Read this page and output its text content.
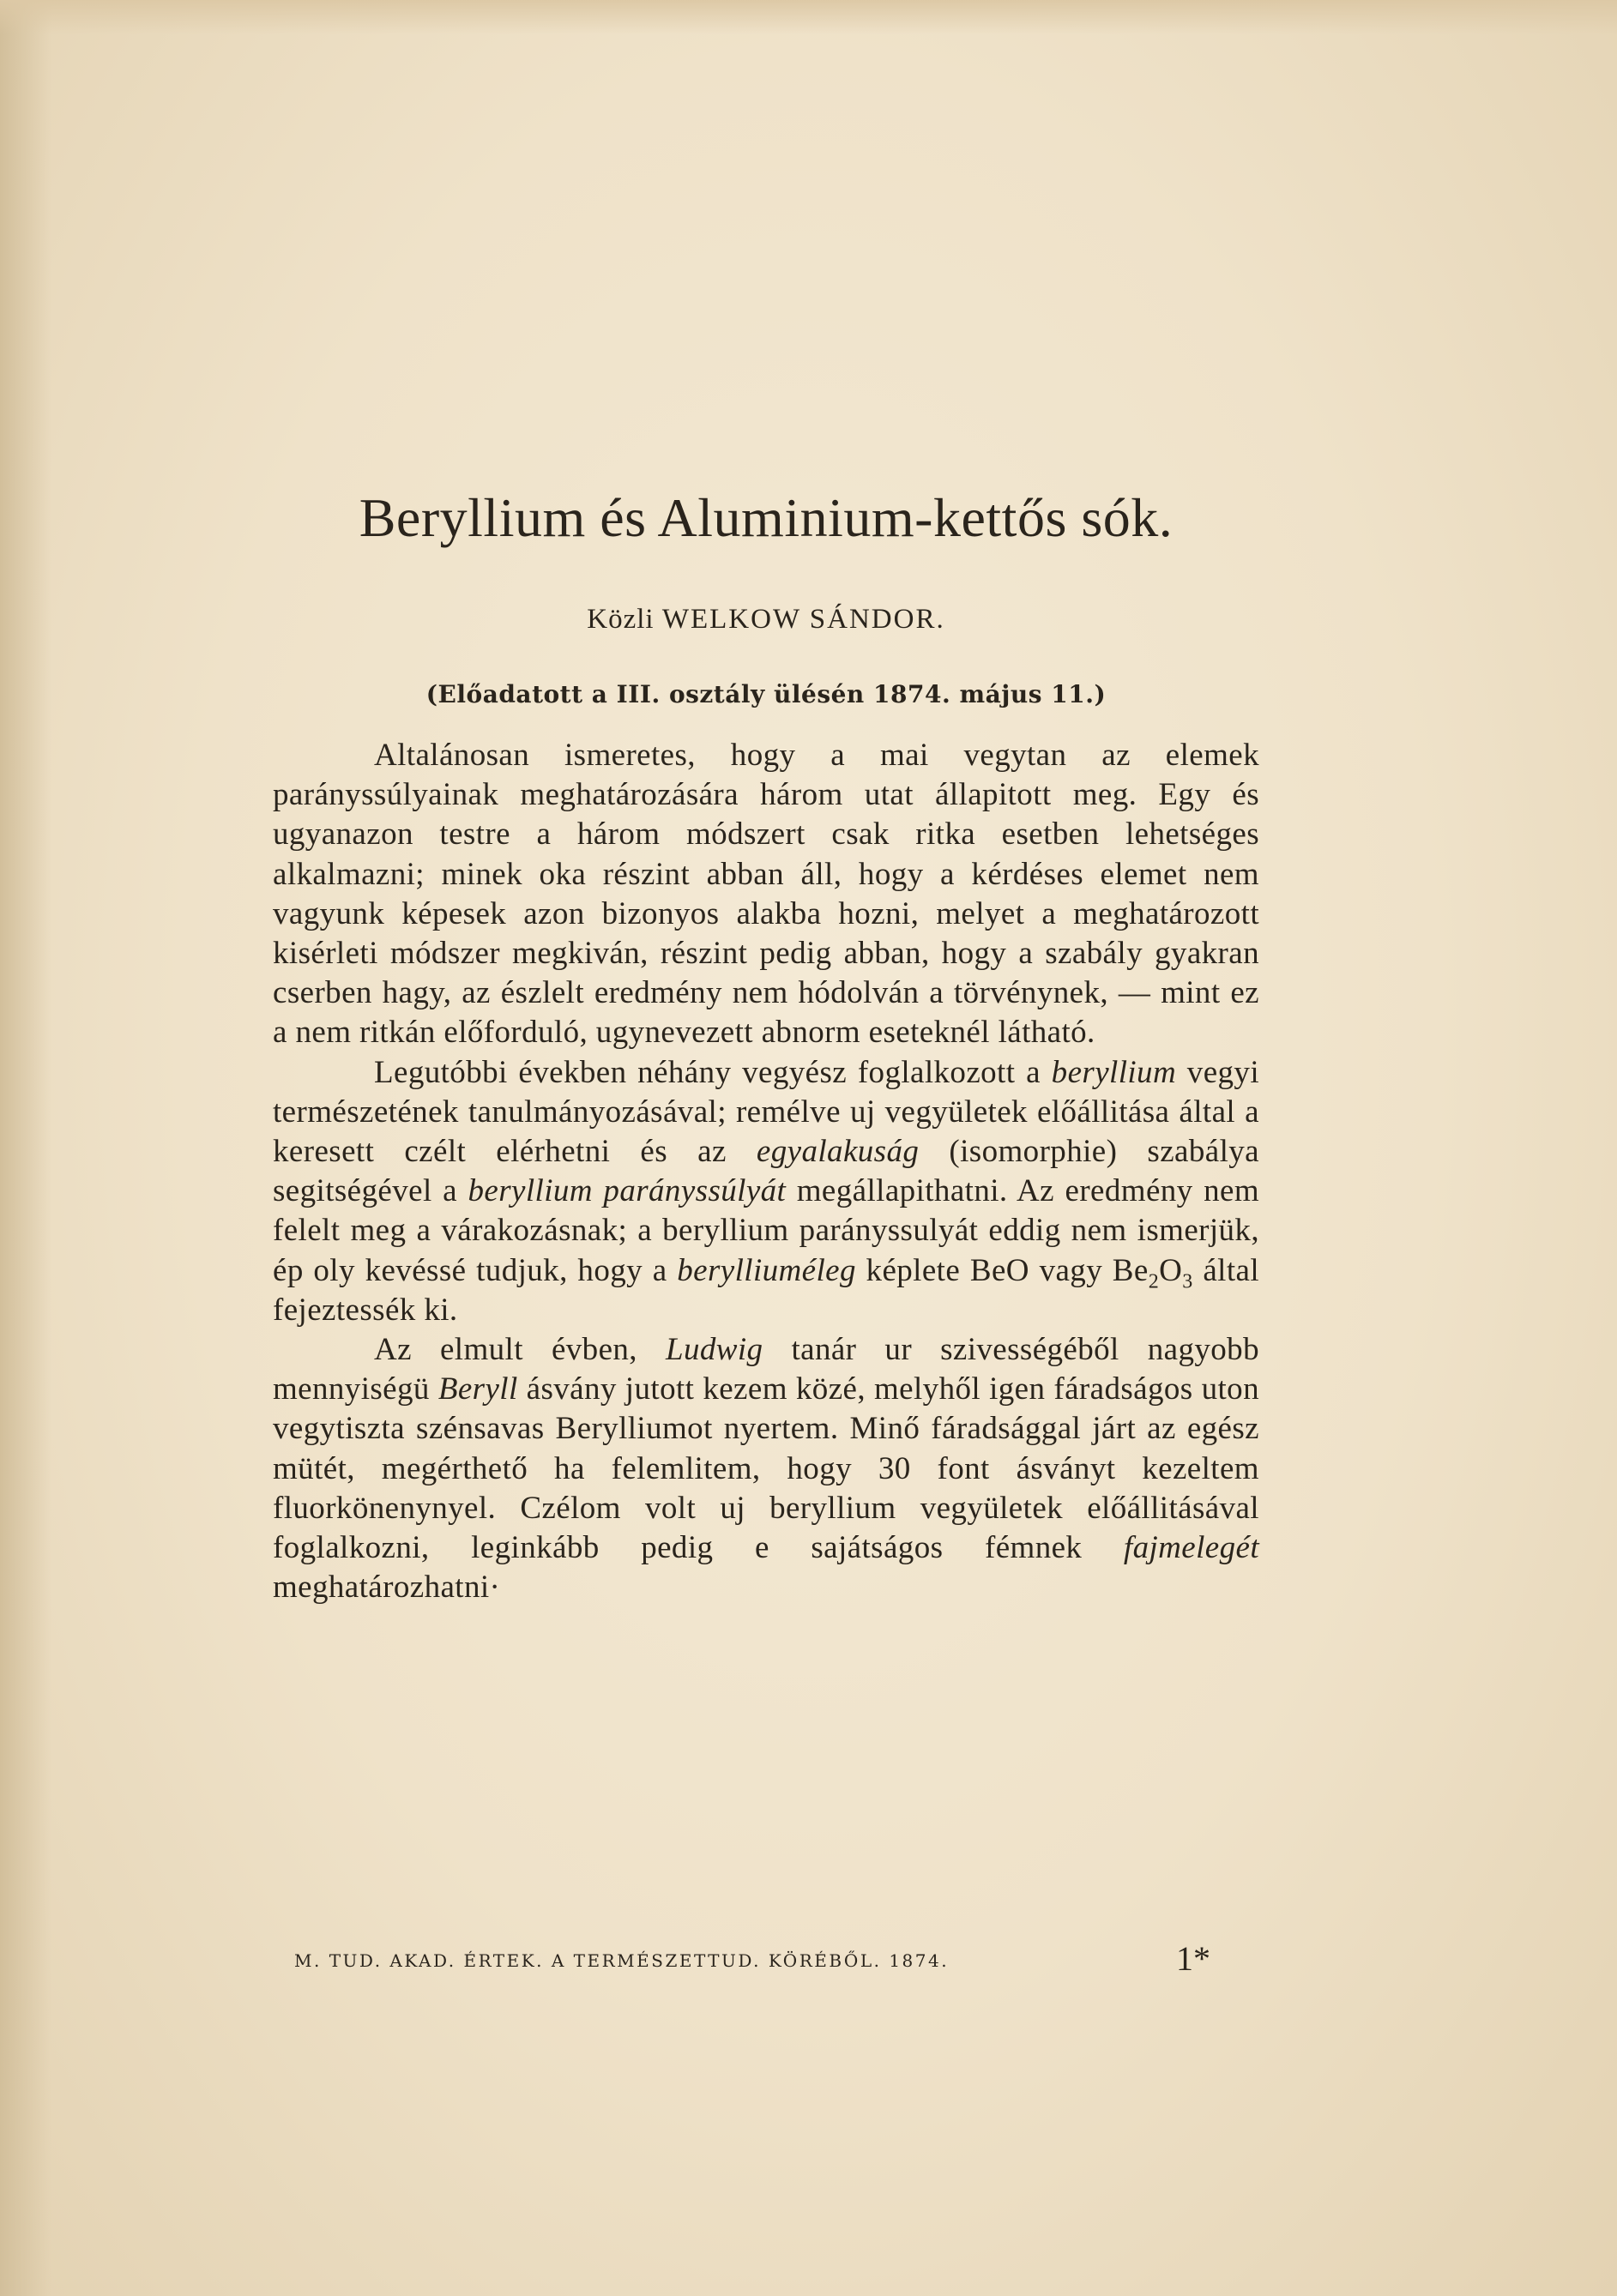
Beryllium és Aluminium-kettős sók.
Közli WELKOW SÁNDOR.
(Előadatott a III. osztály ülésén 1874. május 11.)

Altalánosan ismeretes, hogy a mai vegytan az elemek parányssúlyainak meghatározására három utat állapitott meg. Egy és ugyanazon testre a három módszert csak ritka esetben lehetséges alkalmazni; minek oka részint abban áll, hogy a kérdéses elemet nem vagyunk képesek azon bizonyos alakba hozni, melyet a meghatározott kisérleti módszer megkiván, részint pedig abban, hogy a szabály gyakran cserben hagy, az észlelt eredmény nem hódolván a törvénynek, — mint ez a nem ritkán előforduló, ugynevezett abnorm eseteknél látható.

Legutóbbi években néhány vegyész foglalkozott a beryllium vegyi természetének tanulmányozásával; remélve uj vegyületek előállitása által a keresett czélt elérhetni és az egyalakuság (isomorphie) szabálya segitségével a beryllium parányssúlyát megállapithatni. Az eredmény nem felelt meg a várakozásnak; a beryllium parányssulyát eddig nem ismerjük, ép oly kevéssé tudjuk, hogy a berylliuméleg képlete BeO vagy $Be_2O_3$ által fejeztessék ki.

Az elmult évben, Ludwig tanár ur szivességéből nagyobb mennyiségü Beryll ásvány jutott kezem közé, melyhől igen fáradságos uton vegytiszta szénsavas Berylliumot nyertem. Minő fáradsággal járt az egész mütét, megérthető ha felemlitem, hogy 30 font ásványt kezeltem fluorkönenynyel. Czélom volt uj beryllium vegyületek előállitásával foglalkozni, leginkább pedig e sajátságos fémnek fajmelegét meghatározhatni·

M. TUD. AKAD. ÉRTEK. A TERMÉSZETTUD. KÖRÉBŐL. 1874.	1*
